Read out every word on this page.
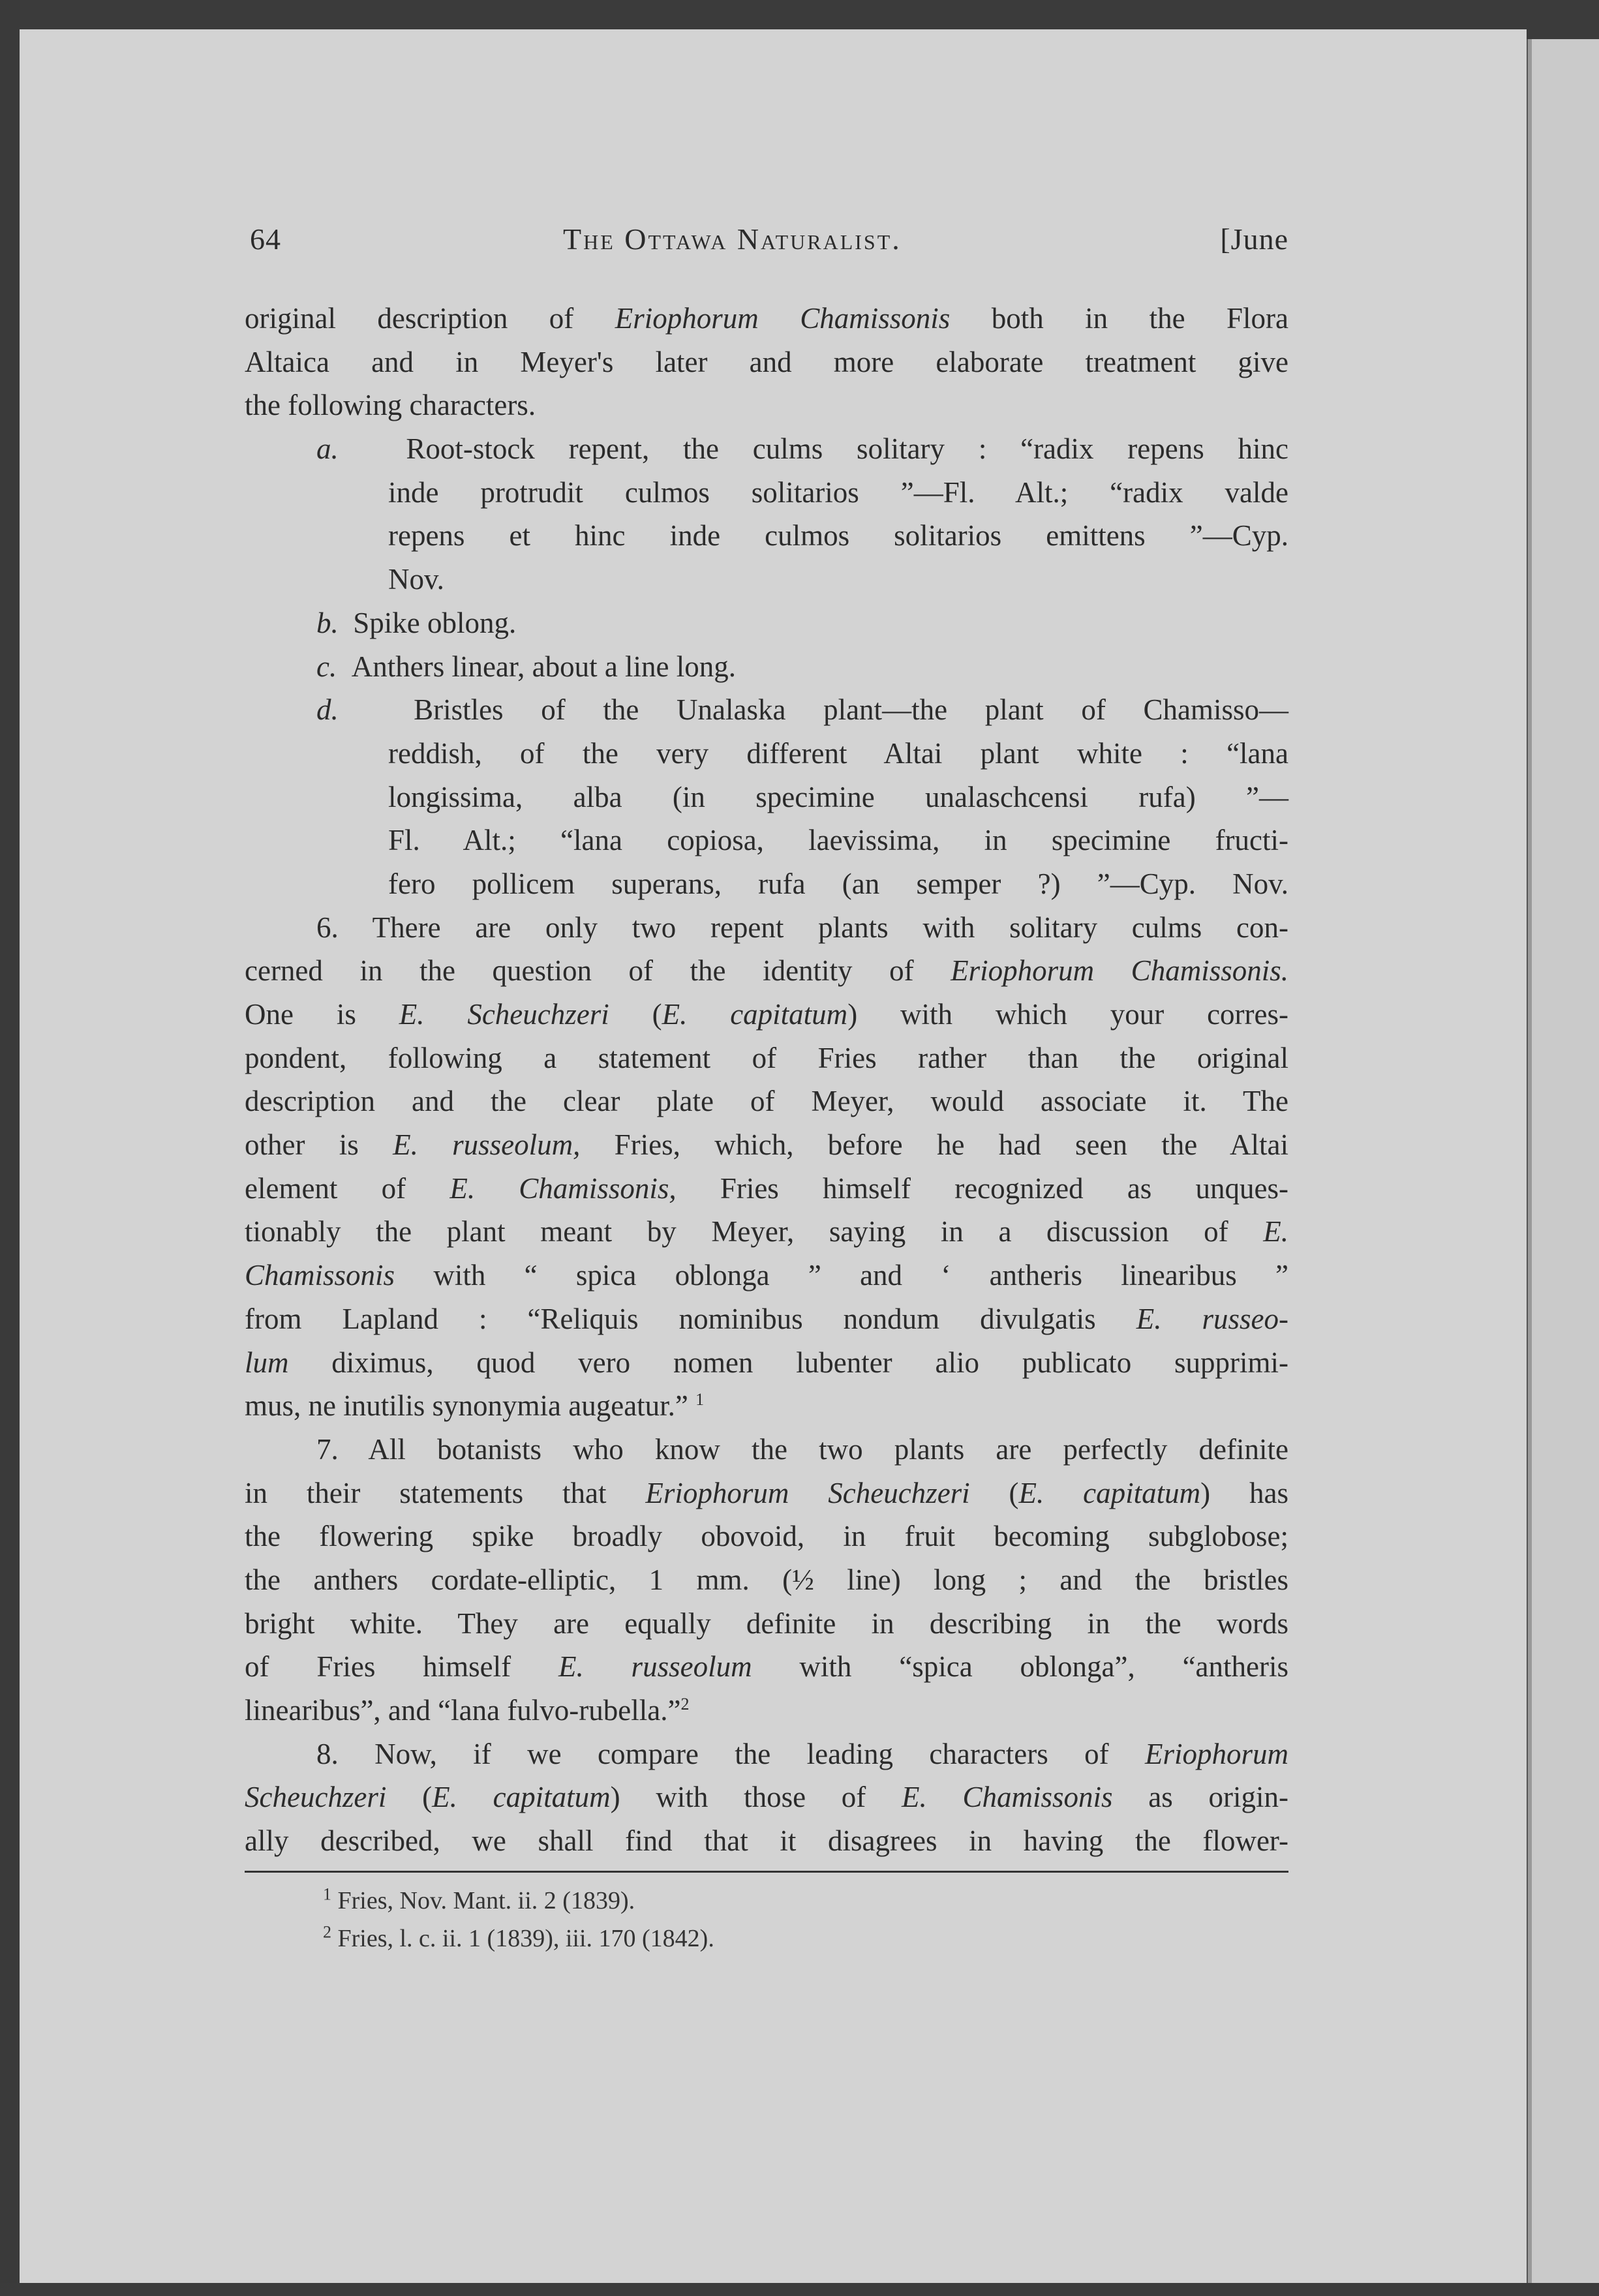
64	The Ottawa Naturalist.	[June
original description of Eriophorum Chamissonis both in the Flora
Altaica and in Meyer's later and more elaborate treatment give
the following characters.
a. Root-stock repent, the culms solitary : “radix repens hinc
inde protrudit culmos solitarios ”—Fl. Alt.; “radix valde
repens et hinc inde culmos solitarios emittens ”—Cyp.
Nov.
b. Spike oblong.
c. Anthers linear, about a line long.
d.	Bristles of the Unalaska plant—the plant of Chamisso—
reddish, of the very different Altai plant white : “lana
longissima, alba (in specimine unalaschcensi rufa) ”—
Fl. Alt.; “lana copiosa, laevissima, in specimine fructi-
fero pollicem superans, rufa (an semper ?) ”—Cyp. Nov.
6. There are only two repent plants with solitary culms con-
cerned in the question of the identity of Eriophorum Chamissonis.
One is E. Scheuchzeri (E. capitatum) with which your corres-
pondent, following a statement of Fries rather than the original
description and the clear plate of Meyer, would associate it. The
other is E. russeolum, Fries, which, before he had seen the Altai
element of E. Chamissonis, Fries himself recognized as unques-
tionably the plant meant by Meyer, saying in a discussion of E.
Chamissonis with “ spica oblonga ” and ‘ antheris linearibus ”
from Lapland : “Reliquis nominibus nondum divulgatis E. russeo-
lum diximus, quod vero nomen lubenter alio publicato supprimi-
mus, ne inutilis synonymia augeatur.” $^1$
7. All botanists who know the two plants are perfectly definite
in their statements that Eriophorum Scheuchzeri (E. capitatum) has
the flowering spike broadly obovoid, in fruit becoming subglobose;
the anthers cordate-elliptic, 1 mm. (½ line) long ; and the bristles
bright white. They are equally definite in describing in the words
of Fries himself E. russeolum with “spica oblonga”, “antheris
linearibus”, and “lana fulvo-rubella.”$^2$
8. Now, if we compare the leading characters of Eriophorum
Scheuchzeri (E. capitatum) with those of E. Chamissonis as origin-
ally described, we shall find that it disagrees in having the flower-
$^1$ Fries, Nov. Mant. ii. 2 (1839).
$^2$ Fries, l. c. ii. 1 (1839), iii. 170 (1842).
